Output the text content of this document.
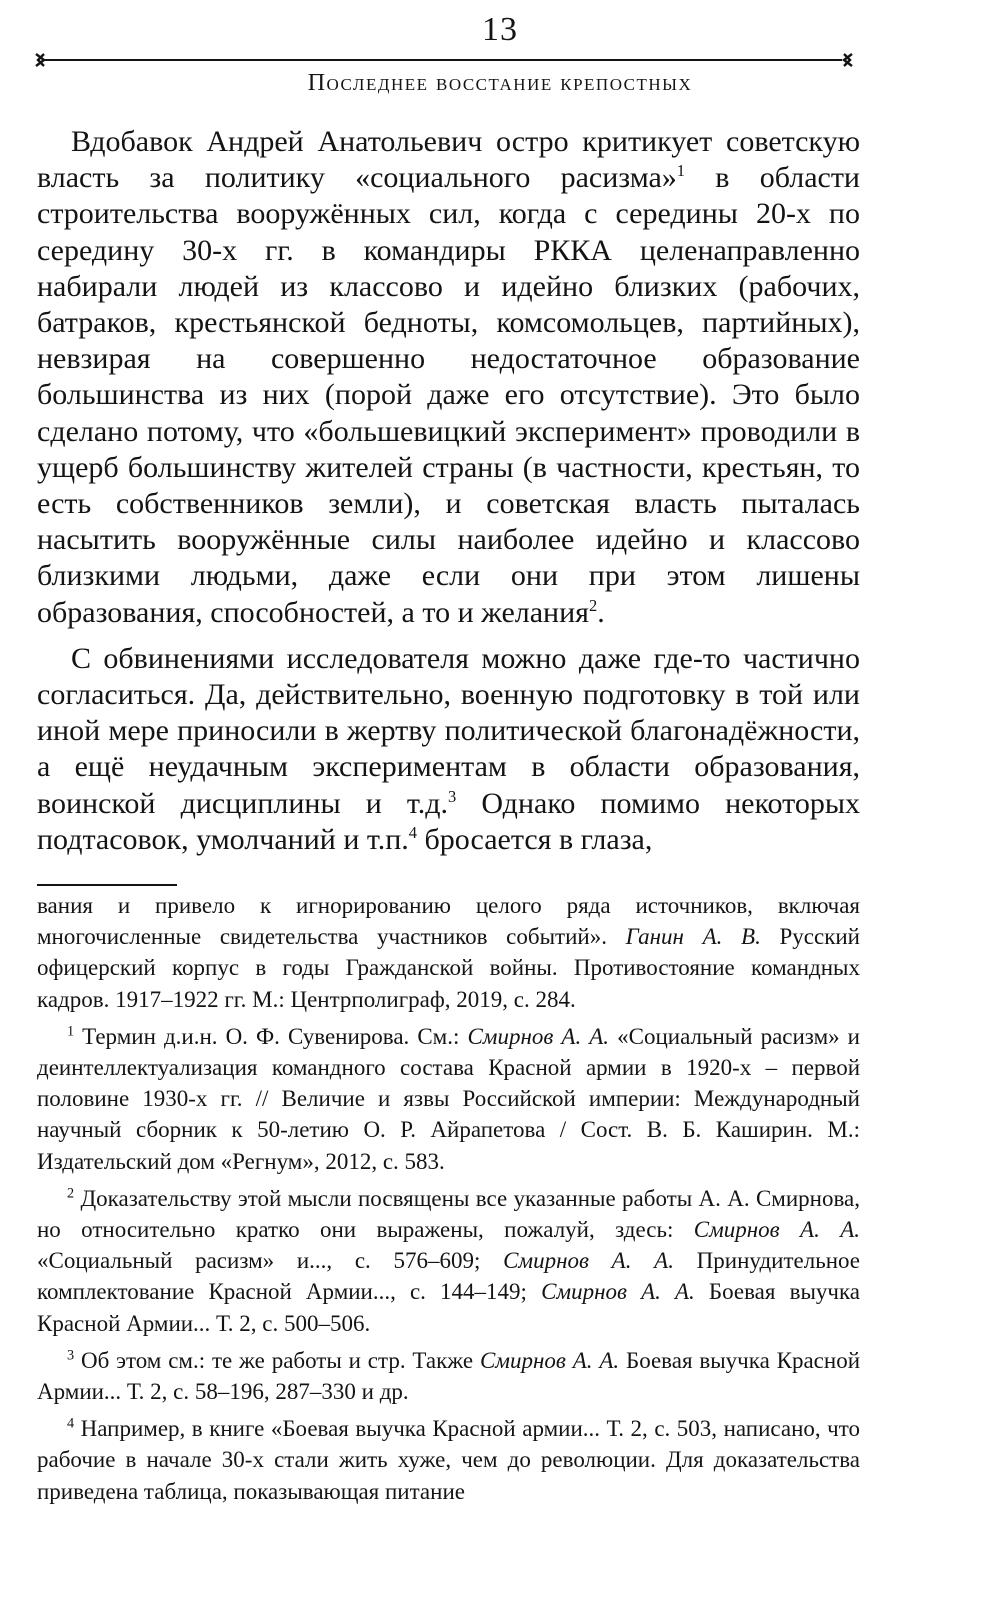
13
Последнее восстание крепостных

Вдобавок Андрей Анатольевич остро критикует советскую власть за политику «социального расизма»$^1$ в области строительства вооружённых сил, когда с середины 20-х по середину 30-х гг. в командиры РККА целенаправленно набирали людей из классово и идейно близких (рабочих, батраков, крестьянской бедноты, комсомольцев, партийных), невзирая на совершенно недостаточное образование большинства из них (порой даже его отсутствие). Это было сделано потому, что «большевицкий эксперимент» проводили в ущерб большинству жителей страны (в частности, крестьян, то есть собственников земли), и советская власть пыталась насытить вооружённые силы наиболее идейно и классово близкими людьми, даже если они при этом лишены образования, способностей, а то и желания$^2$.

С обвинениями исследователя можно даже где-то частично согласиться. Да, действительно, военную подготовку в той или иной мере приносили в жертву политической благонадёжности, а ещё неудачным экспериментам в области образования, воинской дисциплины и т.д.$^3$ Однако помимо некоторых подтасовок, умолчаний и т.п.$^4$ бросается в глаза,

вания и привело к игнорированию целого ряда источников, включая многочисленные свидетельства участников событий». Ганин А. В. Русский офицерский корпус в годы Гражданской войны. Противостояние командных кадров. 1917–1922 гг. М.: Центрполиграф, 2019, с. 284.

$^1$ Термин д.и.н. О. Ф. Сувенирова. См.: Смирнов А. А. «Социальный расизм» и деинтеллектуализация командного состава Красной армии в 1920-х – первой половине 1930-х гг. // Величие и язвы Российской империи: Международный научный сборник к 50-летию О. Р. Айрапетова / Сост. В. Б. Каширин. М.: Издательский дом «Регнум», 2012, с. 583.

$^2$ Доказательству этой мысли посвящены все указанные работы А. А. Смирнова, но относительно кратко они выражены, пожалуй, здесь: Смирнов А. А. «Социальный расизм» и..., с. 576–609; Смирнов А. А. Принудительное комплектование Красной Армии..., с. 144–149; Смирнов А. А. Боевая выучка Красной Армии... Т. 2, с. 500–506.

$^3$ Об этом см.: те же работы и стр. Также Смирнов А. А. Боевая выучка Красной Армии... Т. 2, с. 58–196, 287–330 и др.

$^4$ Например, в книге «Боевая выучка Красной армии... Т. 2, с. 503, написано, что рабочие в начале 30-х стали жить хуже, чем до революции. Для доказательства приведена таблица, показывающая питание
